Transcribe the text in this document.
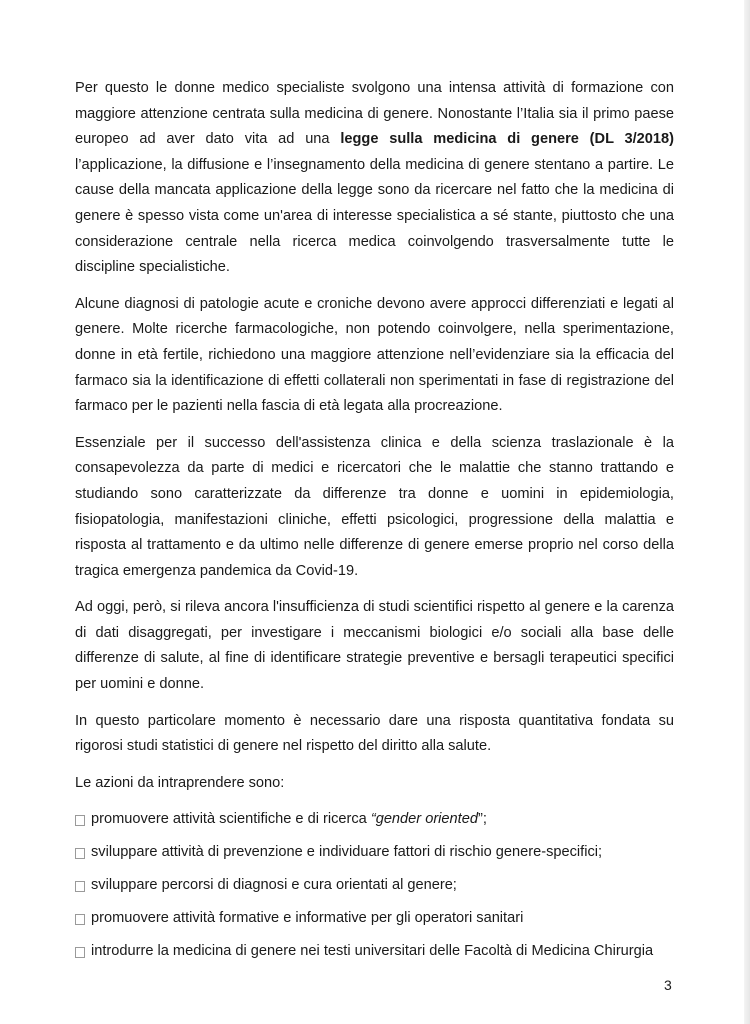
Per questo le donne medico specialiste svolgono una intensa attività di formazione con
maggiore attenzione centrata sulla medicina di genere. Nonostante l’Italia sia il primo paese
europeo ad aver dato vita ad una legge sulla medicina di genere (DL 3/2018)
l’applicazione, la diffusione e l’insegnamento della medicina di genere stentano a partire. Le
cause della mancata applicazione della legge sono da ricercare nel fatto che la medicina di
genere è spesso vista come un'area di interesse specialistica a sé stante, piuttosto che una
considerazione centrale nella ricerca medica coinvolgendo trasversalmente tutte le
discipline specialistiche.
Alcune diagnosi di patologie acute e croniche devono avere approcci differenziati e legati al
genere. Molte ricerche farmacologiche, non potendo coinvolgere, nella sperimentazione,
donne in età fertile, richiedono una maggiore attenzione nell’evidenziare sia la efficacia del
farmaco sia la identificazione di effetti collaterali non sperimentati in fase di registrazione del
farmaco per le pazienti nella fascia di età legata alla procreazione.
Essenziale per il successo dell'assistenza clinica e della scienza traslazionale è la
consapevolezza da parte di medici e ricercatori che le malattie che stanno trattando e
studiando sono caratterizzate da differenze tra donne e uomini in epidemiologia,
fisiopatologia, manifestazioni cliniche, effetti psicologici, progressione della malattia e
risposta al trattamento e da ultimo nelle differenze di genere emerse proprio nel corso della
tragica emergenza pandemica da Covid-19.
Ad oggi, però, si rileva ancora l'insufficienza di studi scientifici rispetto al genere e la carenza
di dati disaggregati, per investigare i meccanismi biologici e/o sociali alla base delle
differenze di salute, al fine di identificare strategie preventive e bersagli terapeutici specifici
per uomini e donne.
In questo particolare momento è necessario dare una risposta quantitativa fondata su
rigorosi studi statistici di genere nel rispetto del diritto alla salute.
Le azioni da intraprendere sono:
promuovere attività scientifiche e di ricerca “gender oriented”;
sviluppare attività di prevenzione e individuare fattori di rischio genere-specifici;
sviluppare percorsi di diagnosi e cura orientati al genere;
promuovere attività formative e informative per gli operatori sanitari
introdurre la medicina di genere nei testi universitari delle Facoltà di Medicina Chirurgia
3
